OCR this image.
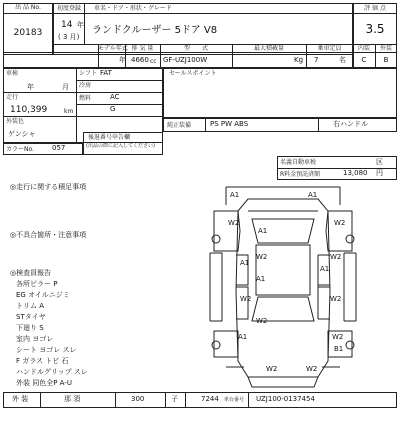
出 品 No.
20183
初度登録 車名・ドア・形状・グレード
14 年
( 3 月)
ランドクルーザー 5ドア V8
モデル年式 排 気 量	型　　式	最大積載量	乗車定員
年 4660 cc GF-UZJ100W	Kg 7	名
評 価 点
3.5
内装	外装
C	B
車検
年	月
走行
110,399	km
外装色
ゲンシャ
シフト FAT
冷房
AC
燃料
G
セールスポイント
純正装備	PS PW ABS	右ハンドル
カラーNo.	057
後退番号申告欄
(出品の際に記入してください)
名義自動車税	区
R料金預託済額	13,080 円
◎走行に関する積足事項
◎不具合箇所・注意事項
◎検査員報告
各所ピラー P
EG オイルニジミ
トリム A
STタイヤ
下廻り S
室内 ヨゴレ
シート ヨゴレ スレ
F ガラス トビ 石
ハンドルグリップ スレ
外装 同色全P A-U
A1	A1
W2	W2
A1
W2	W2
A1
W2
A1
W2
A1
A1	W2
B1
W2
W2	W2
外 装	那 須	300	子	7244 車台番号 UZJ100-0137454
